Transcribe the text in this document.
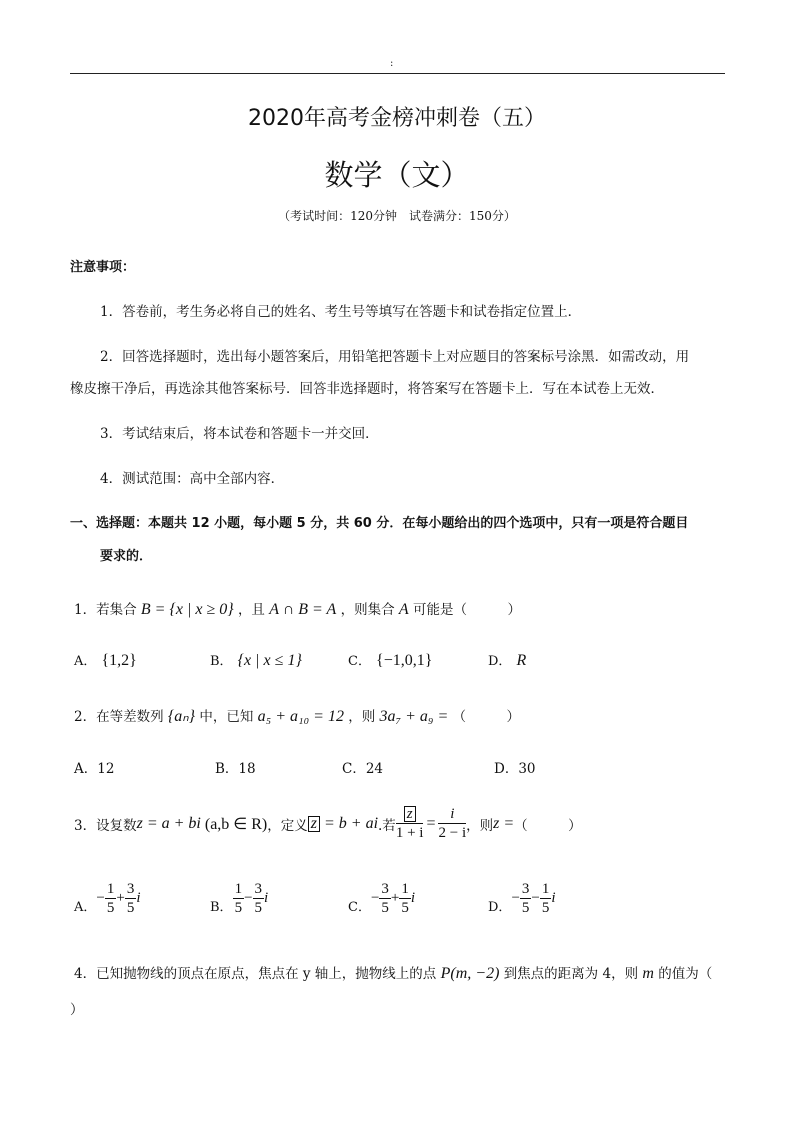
:
2020年高考金榜冲刺卷（五）
数学（文）
（考试时间：120分钟　试卷满分：150分）
注意事项：
1．答卷前，考生务必将自己的姓名、考生号等填写在答题卡和试卷指定位置上．
2．回答选择题时，选出每小题答案后，用铅笔把答题卡上对应题目的答案标号涂黑．如需改动，用
橡皮擦干净后，再选涂其他答案标号．回答非选择题时，将答案写在答题卡上．写在本试卷上无效．
3．考试结束后，将本试卷和答题卡一并交回．
4．测试范围：高中全部内容．
一、选择题：本题共 12 小题，每小题 5 分，共 60 分．在每小题给出的四个选项中，只有一项是符合题目
要求的．
1．若集合 B = {x | x ≥ 0} ，且 A ∩ B = A ，则集合 A 可能是（　　　）
A． {1,2}	B． {x | x ≤ 1}	C． {−1,0,1}	D． R
2．在等差数列 {aₙ} 中，已知 a₅ + a₁₀ = 12 ，则 3a₇ + a₉ = （　　　）
A．12	B．18	C．24	D．30
3．设复数 z = a + bi (a,b ∈ R) ，定义 z = b + ai .若 $\frac{z}{1 + i} = \frac{i}{2 - i}$ ，则 z = （　　　）
A．
− $\frac{1}{5} + \frac{3}{5}$ i
B． $\frac{1}{5} - \frac{3}{5}$ i
C．
− $\frac{3}{5} + \frac{1}{5}$ i
D．
− $\frac{3}{5} - \frac{1}{5}$ i
4．已知抛物线的顶点在原点，焦点在 y 轴上，抛物线上的点 P(m, −2) 到焦点的距离为 4，则 m 的值为（
）
